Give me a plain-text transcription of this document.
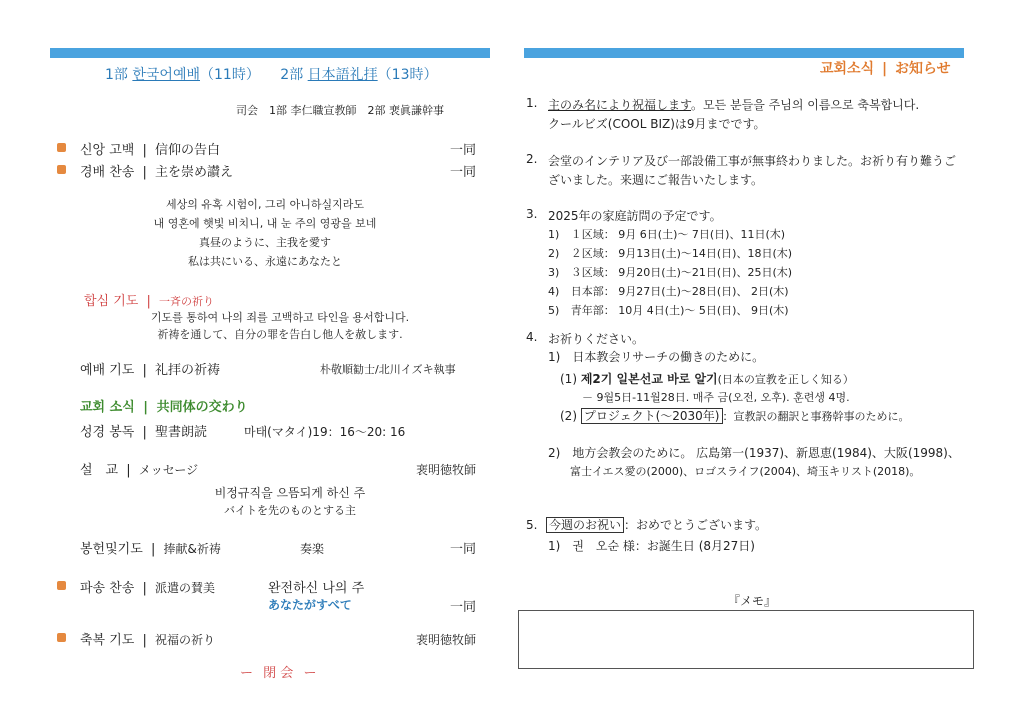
1部 한국어예배（11時） 2部 日本語礼拝（13時）
司会　1部 李仁職宣教師　2部 裵眞謙幹事
신앙 고백 | 信仰の告白	一同
경배 찬송 | 主を崇め讃え	一同
세상의 유혹 시험이, 그리 아니하실지라도
내 영혼에 햇빛 비치니, 내 눈 주의 영광을 보네
真昼のように、主我を愛す
私は共にいる、永遠にあなたと
합심 기도 | 一斉の祈り
기도를 통하여 나의 죄를 고백하고 타인을 용서합니다.
祈祷を通して、自分の罪を告白し他人を赦します.
예배 기도 | 礼拝の祈祷	朴敬順勧士/北川イズキ執事
교회 소식 | 共同体の交わり
성경 봉독 | 聖書朗読	마태(マタイ)19：16〜20: 16
설　교 | メッセージ	裵明徳牧師
비정규직을 으뜸되게 하신 주
バイトを先のものとする主
봉헌및기도 | 捧献&祈祷	奏楽	一同
파송 찬송 | 派遣の賛美	완전하신 나의 주
あなたがすべて	一同
축복 기도 | 祝福の祈り	裵明徳牧師
ー 閉 会 ー
교회소식 | お知らせ
1. 主のみ名により祝福します。모든 분들을 주님의 이름으로 축복합니다.
クールビズ(COOL BIZ)は9月までです。
2. 会堂のインテリア及び一部設備工事が無事終わりました。お祈り有り難うご
ざいました。来週にご報告いたします。
3. 2025年の家庭訪問の予定です。
1) １区域： 9月 6日(土)〜 7日(日)、11日(木)
2) ２区域： 9月13日(土)〜14日(日)、18日(木)
3) ３区域： 9月20日(土)〜21日(日)、25日(木)
4) 日本部： 9月27日(土)〜28日(日)、 2日(木)
5) 青年部： 10月 4日(土)〜 5日(日)、 9日(木)
4. お祈りください。
1)　日本教会リサーチの働きのために。
(1) 제2기 일본선교 바로 알기(日本の宣教を正しく知る）
－ 9월5日-11월28日. 매주 금(오전, 오후). 훈련생 4명.
(2) プロジェクト(〜2030年) ：宣教訳の翻訳と事務幹事のために。
2)　地方会教会のために。 広島第一(1937)、新恩恵(1984)、大阪(1998)、
富士イエス愛の(2000)、ロゴスライフ(2004)、埼玉キリスト(2018)。
5. 今週のお祝い ：おめでとうございます。
1)　권　오순 様：お誕生日 (8月27日)
『メモ』
